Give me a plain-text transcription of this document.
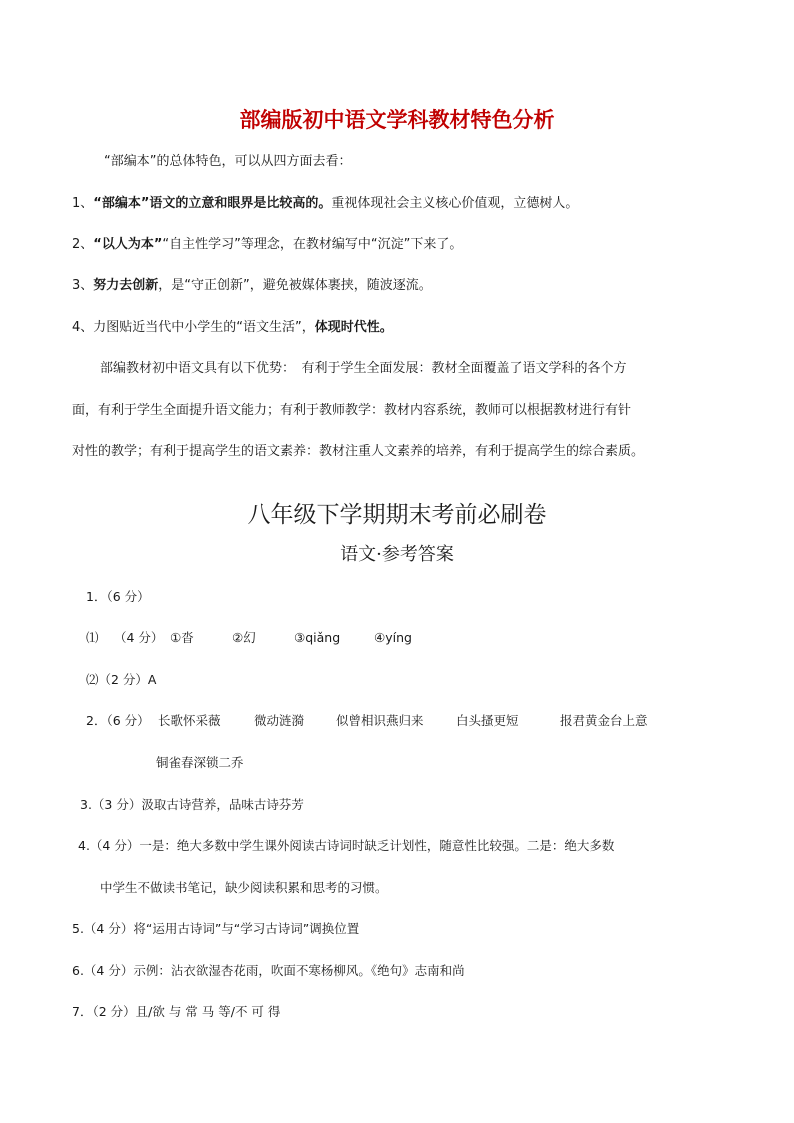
部编版初中语文学科教材特色分析
“部编本”的总体特色，可以从四方面去看：
1、“部编本”语文的立意和眼界是比较高的。重视体现社会主义核心价值观，立德树人。
2、“以人为本”“自主性学习”等理念，在教材编写中“沉淀”下来了。
3、努力去创新，是“守正创新”，避免被媒体裹挟，随波逐流。
4、力图贴近当代中小学生的“语文生活”，体现时代性。
部编教材初中语文具有以下优势：　有利于学生全面发展：教材全面覆盖了语文学科的各个方
面，有利于学生全面提升语文能力；有利于教师教学：教材内容系统，教师可以根据教材进行有针
对性的教学；有利于提高学生的语文素养：教材注重人文素养的培养，有利于提高学生的综合素质。
八年级下学期期末考前必刷卷
语文·参考答案
1．（6 分）
⑴ （4 分） ①沓	②幻	③qiǎng	④yíng
⑵（2 分）A
2．（6 分） 长歌怀采薇	微动涟漪	似曾相识燕归来	白头搔更短	报君黄金台上意
铜雀春深锁二乔
3.（3 分）汲取古诗营养，品味古诗芬芳
4.（4 分）一是：绝大多数中学生课外阅读古诗词时缺乏计划性，随意性比较强。二是：绝大多数
中学生不做读书笔记，缺少阅读积累和思考的习惯。
5.（4 分）将“运用古诗词”与“学习古诗词”调换位置
6.（4 分）示例：沾衣欲湿杏花雨，吹面不寒杨柳风。《绝句》志南和尚
7．（2 分）且/欲 与 常 马 等/不 可 得
